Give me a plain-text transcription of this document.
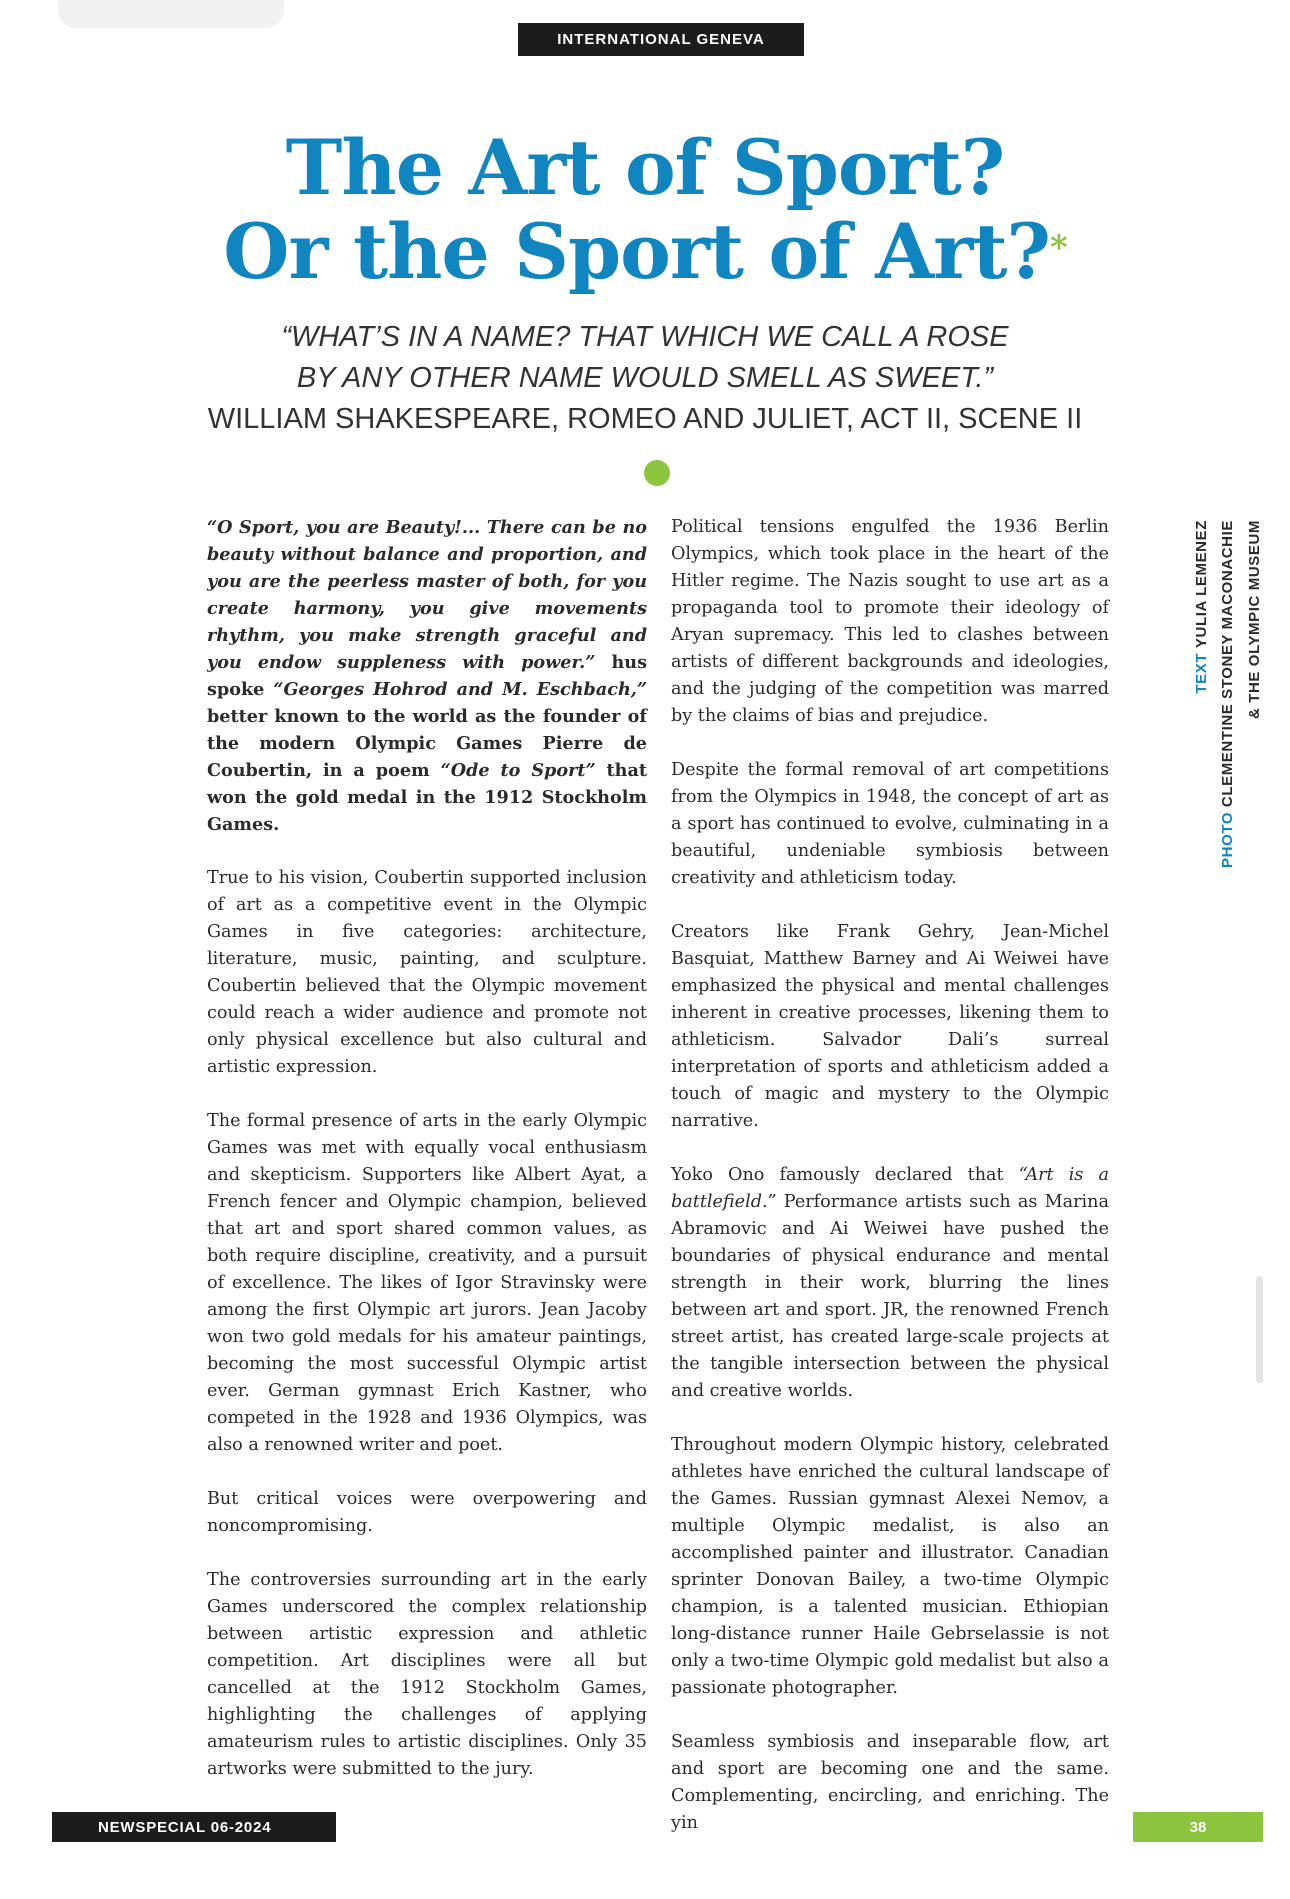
INTERNATIONAL GENEVA
The Art of Sport?
Or the Sport of Art?*
“WHAT’S IN A NAME? THAT WHICH WE CALL A ROSE
BY ANY OTHER NAME WOULD SMELL AS SWEET.”
WILLIAM SHAKESPEARE, ROMEO AND JULIET, ACT II, SCENE II

“O Sport, you are Beauty!... There can be no beauty without balance and proportion, and you are the peerless master of both, for you create harmony, you give movements rhythm, you make strength graceful and you endow suppleness with power.” hus spoke “Georges Hohrod and M. Eschbach,” better known to the world as the founder of the modern Olympic Games Pierre de Coubertin, in a poem “Ode to Sport” that won the gold medal in the 1912 Stockholm Games.

True to his vision, Coubertin supported inclusion of art as a competitive event in the Olympic Games in five categories: architecture, literature, music, painting, and sculpture. Coubertin believed that the Olympic movement could reach a wider audience and promote not only physical excellence but also cultural and artistic expression.

The formal presence of arts in the early Olympic Games was met with equally vocal enthusiasm and skepticism. Supporters like Albert Ayat, a French fencer and Olympic champion, believed that art and sport shared common values, as both require discipline, creativity, and a pursuit of excellence. The likes of Igor Stravinsky were among the first Olympic art jurors. Jean Jacoby won two gold medals for his amateur paintings, becoming the most successful Olympic artist ever. German gymnast Erich Kastner, who competed in the 1928 and 1936 Olympics, was also a renowned writer and poet.

But critical voices were overpowering and noncompromising.

The controversies surrounding art in the early Games underscored the complex relationship between artistic expression and athletic competition. Art disciplines were all but cancelled at the 1912 Stockholm Games, highlighting the challenges of applying amateurism rules to artistic disciplines. Only 35 artworks were submitted to the jury.

Political tensions engulfed the 1936 Berlin Olympics, which took place in the heart of the Hitler regime. The Nazis sought to use art as a propaganda tool to promote their ideology of Aryan supremacy. This led to clashes between artists of different backgrounds and ideologies, and the judging of the competition was marred by the claims of bias and prejudice.

Despite the formal removal of art competitions from the Olympics in 1948, the concept of art as a sport has continued to evolve, culminating in a beautiful, undeniable symbiosis between creativity and athleticism today.

Creators like Frank Gehry, Jean-Michel Basquiat, Matthew Barney and Ai Weiwei have emphasized the physical and mental challenges inherent in creative processes, likening them to athleticism. Salvador Dali’s surreal interpretation of sports and athleticism added a touch of magic and mystery to the Olympic narrative.

Yoko Ono famously declared that “Art is a battlefield.” Performance artists such as Marina Abramovic and Ai Weiwei have pushed the boundaries of physical endurance and mental strength in their work, blurring the lines between art and sport. JR, the renowned French street artist, has created large-scale projects at the tangible intersection between the physical and creative worlds.

Throughout modern Olympic history, celebrated athletes have enriched the cultural landscape of the Games. Russian gymnast Alexei Nemov, a multiple Olympic medalist, is also an accomplished painter and illustrator. Canadian sprinter Donovan Bailey, a two-time Olympic champion, is a talented musician. Ethiopian long-distance runner Haile Gebrselassie is not only a two-time Olympic gold medalist but also a passionate photographer.

Seamless symbiosis and inseparable flow, art and sport are becoming one and the same. Complementing, encircling, and enriching. The yin

TEXT YULIA LEMENEZ
PHOTO CLEMENTINE STONEY MACONACHIE & THE OLYMPIC MUSEUM
NEWSPECIAL 06-2024	38
